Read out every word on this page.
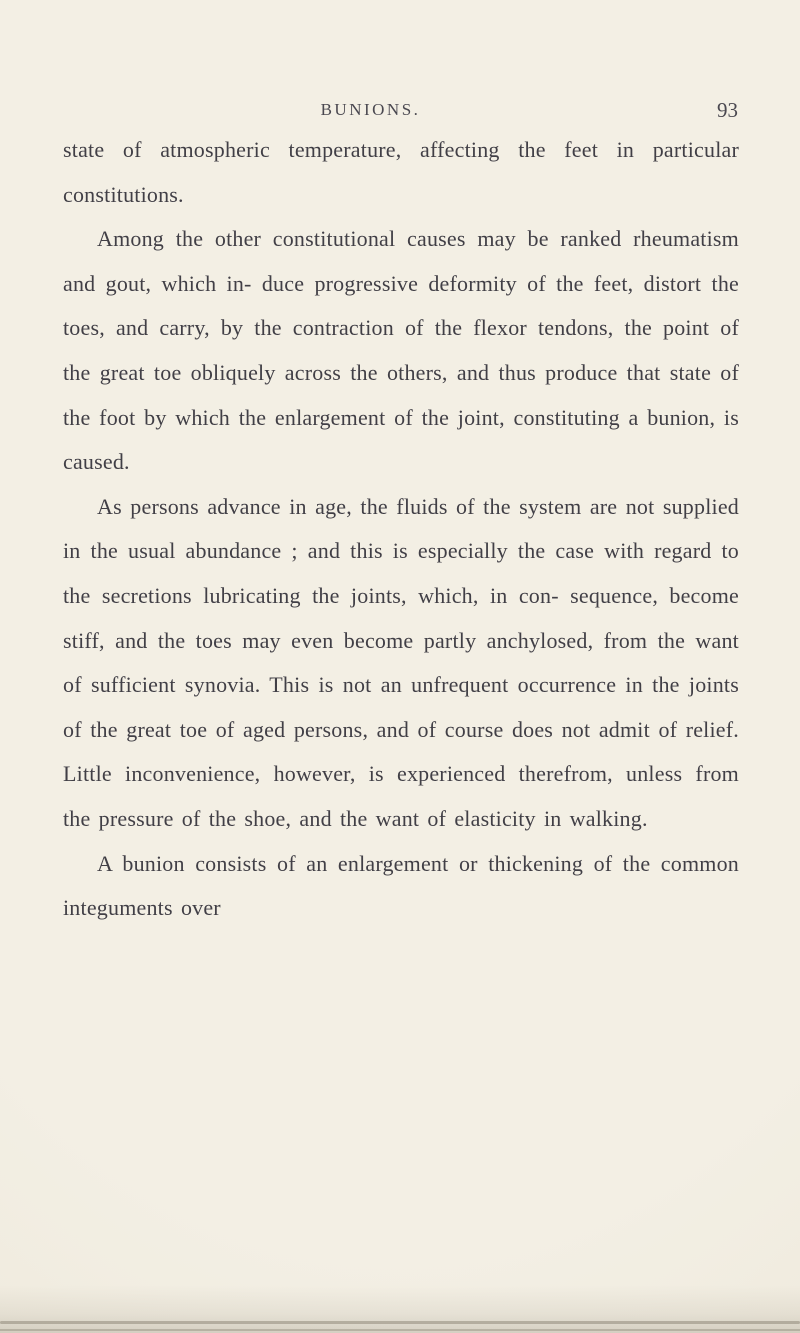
BUNIONS.	93

state of atmospheric temperature, affecting the feet in particular constitutions.

Among the other constitutional causes may be ranked rheumatism and gout, which in- duce progressive deformity of the feet, distort the toes, and carry, by the contraction of the flexor tendons, the point of the great toe obliquely across the others, and thus produce that state of the foot by which the enlargement of the joint, constituting a bunion, is caused.

As persons advance in age, the fluids of the system are not supplied in the usual abundance ; and this is especially the case with regard to the secretions lubricating the joints, which, in con- sequence, become stiff, and the toes may even become partly anchylosed, from the want of sufficient synovia. This is not an unfrequent occurrence in the joints of the great toe of aged persons, and of course does not admit of relief. Little inconvenience, however, is experienced therefrom, unless from the pressure of the shoe, and the want of elasticity in walking.

A bunion consists of an enlargement or thickening of the common integuments over
